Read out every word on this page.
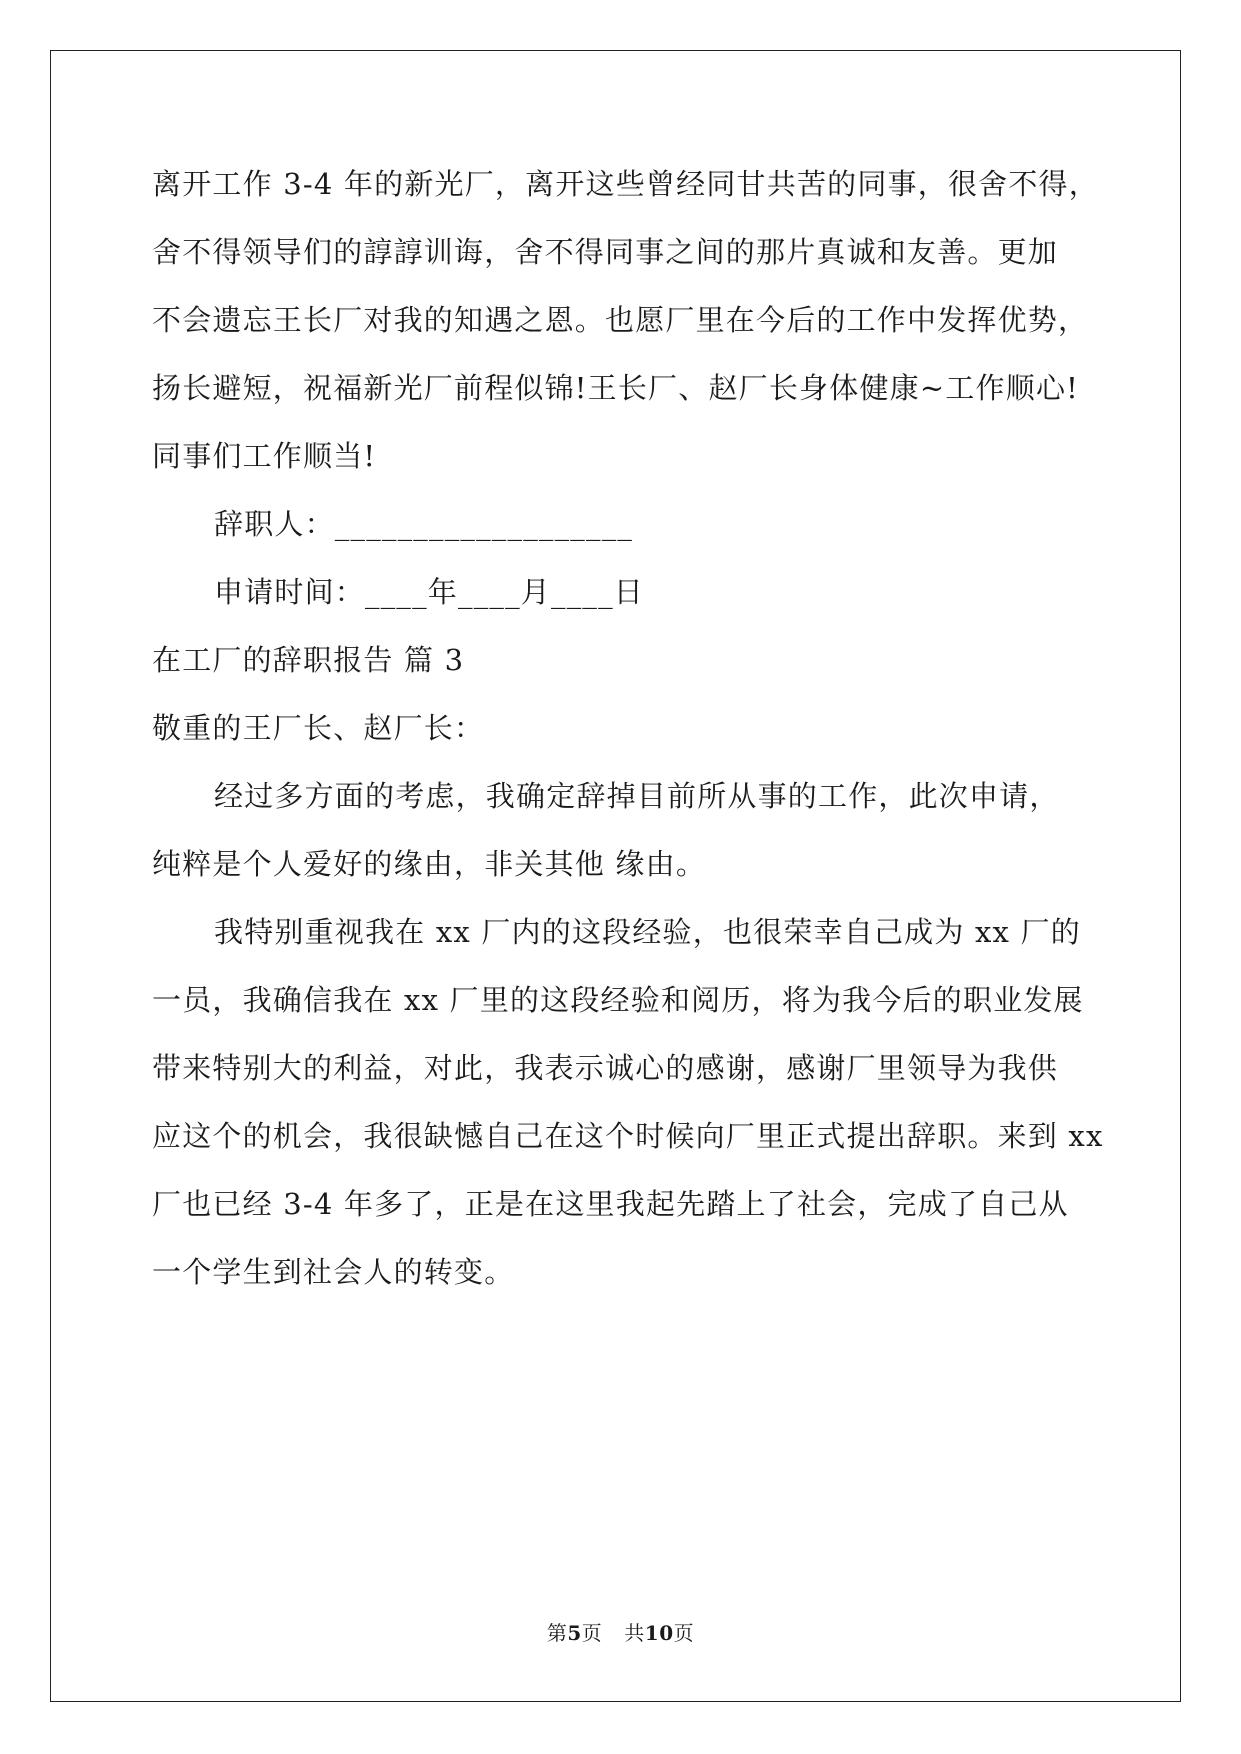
离开工作 3-4 年的新光厂，离开这些曾经同甘共苦的同事，很舍不得，
舍不得领导们的諄諄训诲，舍不得同事之间的那片真诚和友善。更加
不会遗忘王长厂对我的知遇之恩。也愿厂里在今后的工作中发挥优势，
扬长避短，祝福新光厂前程似锦!王长厂、赵厂长身体健康~工作顺心!
同事们工作顺当!
辞职人：___________________
申请时间：____年____月____日
在工厂的辞职报告 篇 3
敬重的王厂长、赵厂长：
经过多方面的考虑，我确定辞掉目前所从事的工作，此次申请，
纯粹是个人爱好的缘由，非关其他 缘由。
我特别重视我在 xx 厂内的这段经验，也很荣幸自己成为 xx 厂的
一员，我确信我在 xx 厂里的这段经验和阅历，将为我今后的职业发展
带来特别大的利益，对此，我表示诚心的感谢，感谢厂里领导为我供
应这个的机会，我很缺憾自己在这个时候向厂里正式提出辞职。来到 xx
厂也已经 3-4 年多了，正是在这里我起先踏上了社会，完成了自己从
一个学生到社会人的转变。
第5页 共10页
